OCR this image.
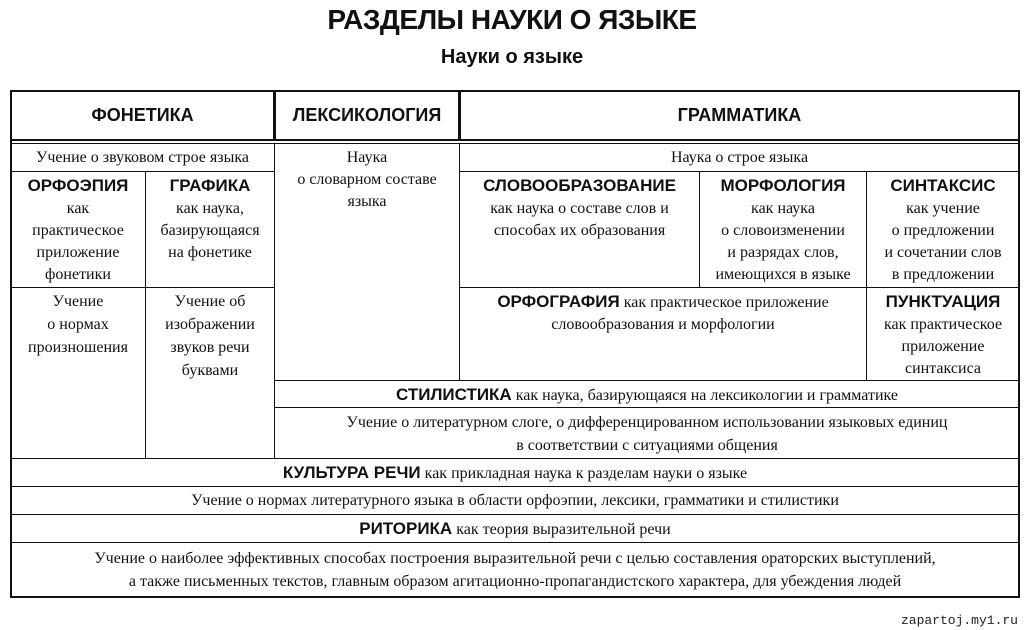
РАЗДЕЛЫ НАУКИ О ЯЗЫКЕ
Науки о языке
ФОНЕТИКА	ЛЕКСИКОЛОГИЯ	ГРАММАТИКА
Учение о звуковом строе языка
ОРФОЭПИЯ
как
практическое
приложение
фонетики
ГРАФИКА
как наука,
базирующаяся
на фонетике
Учение
о нормах
произношения
Учение об
изображении
звуков речи
буквами
Наука
о словарном составе
языка
Наука о строе языка
СЛОВООБРАЗОВАНИЕ
как наука о составе слов и
способах их образования
МОРФОЛОГИЯ
как наука
о словоизменении
и разрядах слов,
имеющихся в языке
СИНТАКСИС
как учение
о предложении
и сочетании слов
в предложении
ОРФОГРАФИЯ как практическое приложение
словообразования и морфологии
ПУНКТУАЦИЯ
как практическое
приложение
синтаксиса
СТИЛИСТИКА как наука, базирующаяся на лексикологии и грамматике
Учение о литературном слоге, о дифференцированном использовании языковых единиц
в соответствии с ситуациями общения
КУЛЬТУРА РЕЧИ как прикладная наука к разделам науки о языке
Учение о нормах литературного языка в области орфоэпии, лексики, грамматики и стилистики
РИТОРИКА как теория выразительной речи
Учение о наиболее эффективных способах построения выразительной речи с целью составления ораторских выступлений,
а также письменных текстов, главным образом агитационно-пропагандистского характера, для убеждения людей
zapartoj.my1.ru
